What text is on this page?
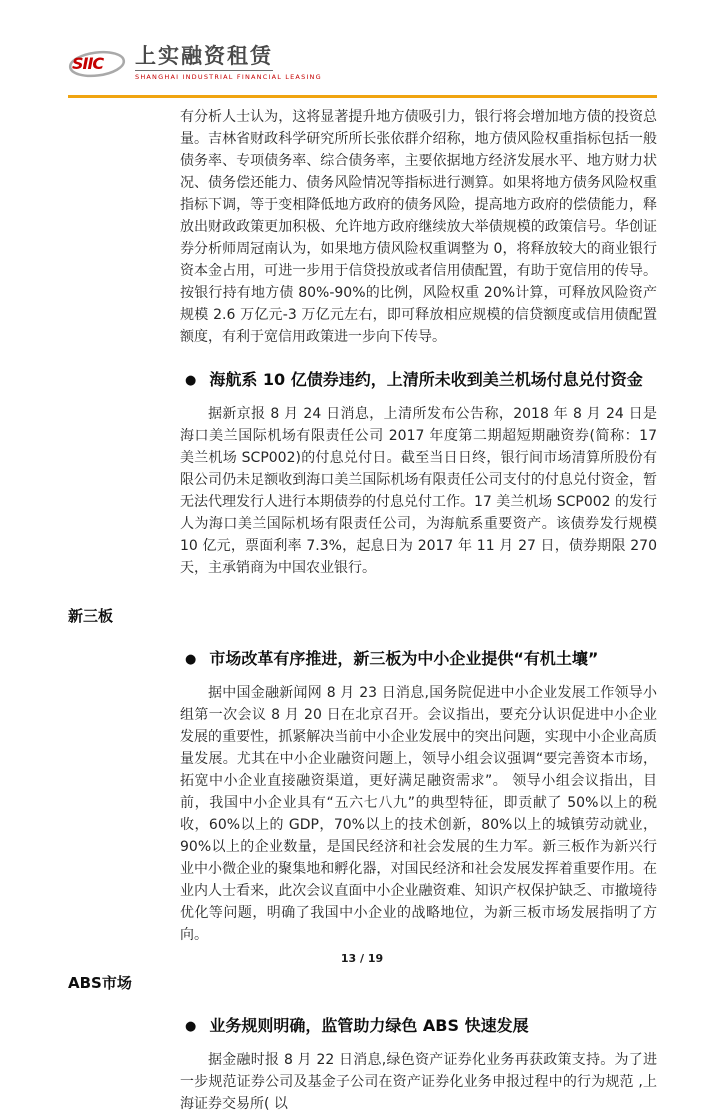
SIIC 上实融资租赁
SHANGHAI INDUSTRIAL FINANCIAL LEASING

有分析人士认为，这将显著提升地方债吸引力，银行将会增加地方债的投资总量。吉林省财政科学研究所所长张依群介绍称，地方债风险权重指标包括一般债务率、专项债务率、综合债务率，主要依据地方经济发展水平、地方财力状况、债务偿还能力、债务风险情况等指标进行测算。如果将地方债务风险权重指标下调，等于变相降低地方政府的债务风险，提高地方政府的偿债能力，释放出财政政策更加积极、允许地方政府继续放大举债规模的政策信号。华创证券分析师周冠南认为，如果地方债风险权重调整为 0，将释放较大的商业银行资本金占用，可进一步用于信贷投放或者信用债配置，有助于宽信用的传导。按银行持有地方债 80%-90%的比例，风险权重 20%计算，可释放风险资产规模 2.6 万亿元-3 万亿元左右，即可释放相应规模的信贷额度或信用债配置额度，有利于宽信用政策进一步向下传导。

● 海航系 10 亿债券违约，上清所未收到美兰机场付息兑付资金

据新京报 8 月 24 日消息，上清所发布公告称，2018 年 8 月 24 日是海口美兰国际机场有限责任公司 2017 年度第二期超短期融资券(简称：17 美兰机场 SCP002)的付息兑付日。截至当日日终，银行间市场清算所股份有限公司仍未足额收到海口美兰国际机场有限责任公司支付的付息兑付资金，暂无法代理发行人进行本期债券的付息兑付工作。17 美兰机场 SCP002 的发行人为海口美兰国际机场有限责任公司，为海航系重要资产。该债券发行规模 10 亿元，票面利率 7.3%，起息日为 2017 年 11 月 27 日，债券期限 270 天，主承销商为中国农业银行。

新三板
● 市场改革有序推进，新三板为中小企业提供“有机土壤”

据中国金融新闻网 8 月 23 日消息,国务院促进中小企业发展工作领导小组第一次会议 8 月 20 日在北京召开。会议指出，要充分认识促进中小企业发展的重要性，抓紧解决当前中小企业发展中的突出问题，实现中小企业高质量发展。尤其在中小企业融资问题上，领导小组会议强调“要完善资本市场，拓宽中小企业直接融资渠道，更好满足融资需求”。 领导小组会议指出，目前，我国中小企业具有“五六七八九”的典型特征，即贡献了 50%以上的税收，60%以上的 GDP，70%以上的技术创新，80%以上的城镇劳动就业，90%以上的企业数量，是国民经济和社会发展的生力军。新三板作为新兴行业中小微企业的聚集地和孵化器，对国民经济和社会发展发挥着重要作用。在业内人士看来，此次会议直面中小企业融资难、知识产权保护缺乏、市撤境待优化等问题，明确了我国中小企业的战略地位，为新三板市场发展指明了方向。

ABS市场
● 业务规则明确，监管助力绿色 ABS 快速发展

据金融时报 8 月 22 日消息,绿色资产证券化业务再获政策支持。为了进一步规范证券公司及基金子公司在资产证券化业务申报过程中的行为规范 ,上海证券交易所( 以

13 / 19
